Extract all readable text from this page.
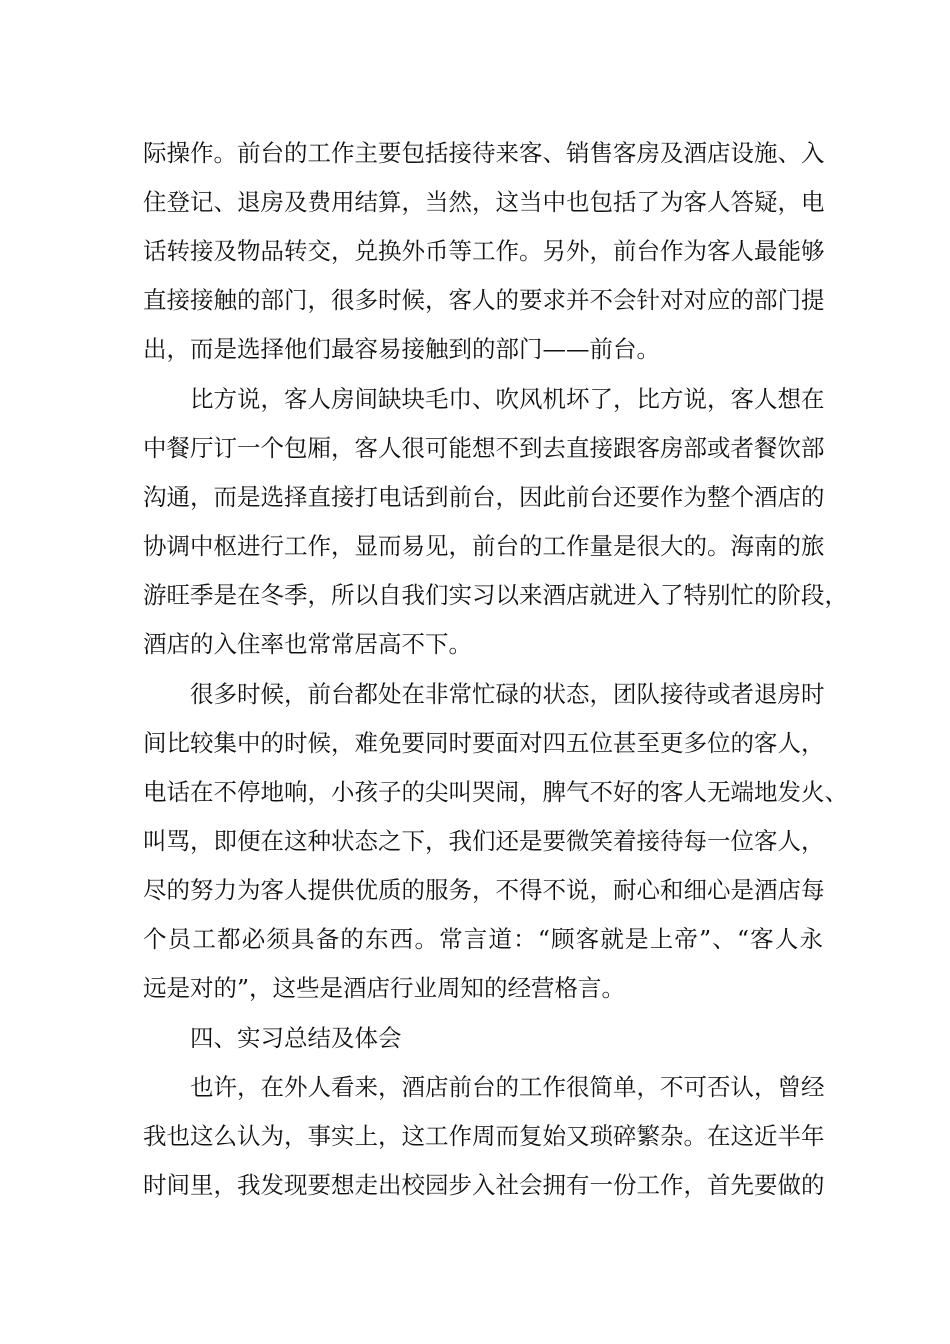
际操作。前台的工作主要包括接待来客、销售客房及酒店设施、入
住登记、退房及费用结算，当然，这当中也包括了为客人答疑，电
话转接及物品转交，兑换外币等工作。另外，前台作为客人最能够
直接接触的部门，很多时候，客人的要求并不会针对对应的部门提
出，而是选择他们最容易接触到的部门——前台。
比方说，客人房间缺块毛巾、吹风机坏了，比方说，客人想在
中餐厅订一个包厢，客人很可能想不到去直接跟客房部或者餐饮部
沟通，而是选择直接打电话到前台，因此前台还要作为整个酒店的
协调中枢进行工作，显而易见，前台的工作量是很大的。海南的旅
游旺季是在冬季，所以自我们实习以来酒店就进入了特别忙的阶段，
酒店的入住率也常常居高不下。
很多时候，前台都处在非常忙碌的状态，团队接待或者退房时
间比较集中的时候，难免要同时要面对四五位甚至更多位的客人，
电话在不停地响，小孩子的尖叫哭闹，脾气不好的客人无端地发火、
叫骂，即便在这种状态之下，我们还是要微笑着接待每一位客人，
尽的努力为客人提供优质的服务，不得不说，耐心和细心是酒店每
个员工都必须具备的东西。常言道：“顾客就是上帝”、“客人永
远是对的”，这些是酒店行业周知的经营格言。
四、实习总结及体会
也许，在外人看来，酒店前台的工作很简单，不可否认，曾经
我也这么认为，事实上，这工作周而复始又琐碎繁杂。在这近半年
时间里，我发现要想走出校园步入社会拥有一份工作，首先要做的
